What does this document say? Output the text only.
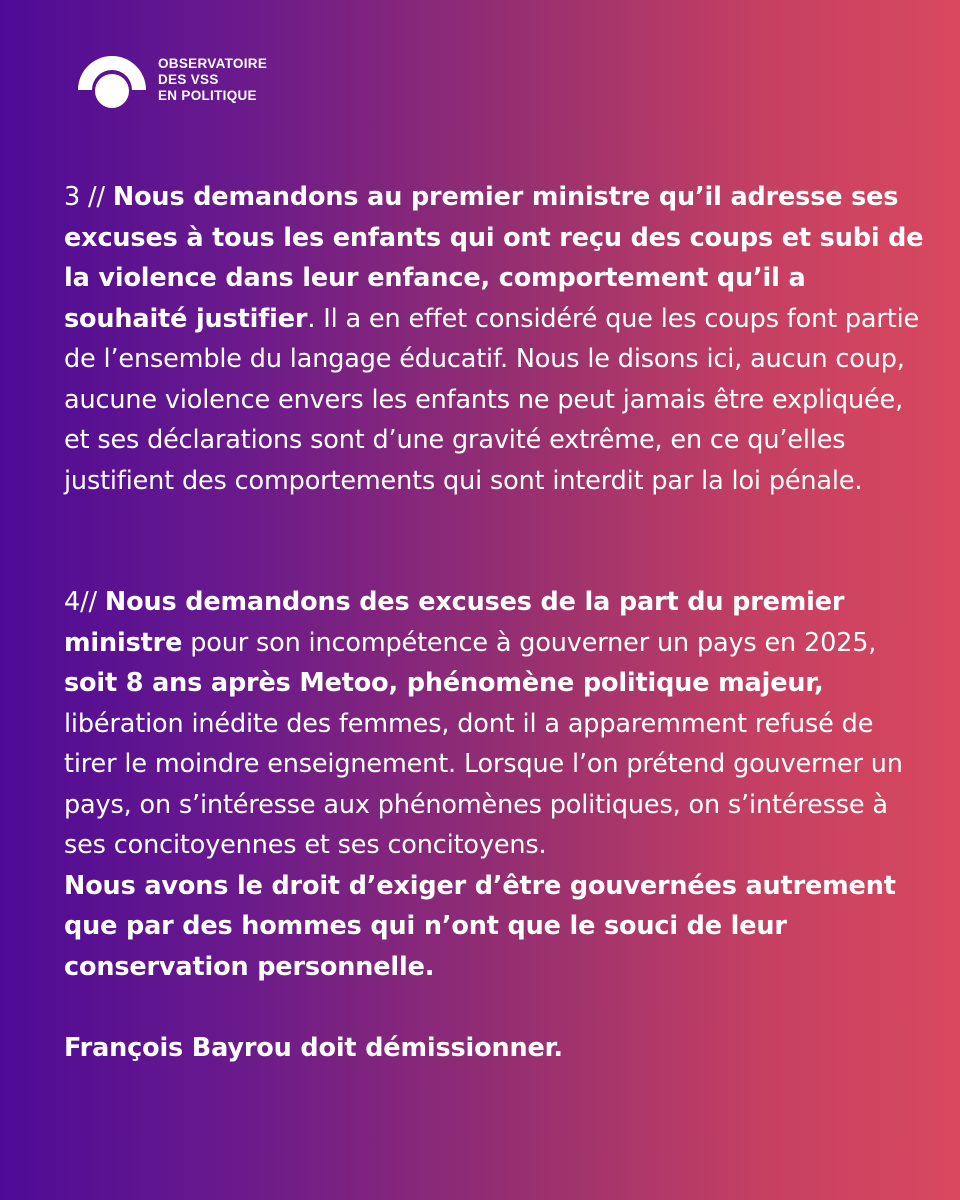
OBSERVATOIRE
DES VSS
EN POLITIQUE

3 // Nous demandons au premier ministre qu’il adresse ses excuses à tous les enfants qui ont reçu des coups et subi de la violence dans leur enfance, comportement qu’il a souhaité justifier. Il a en effet considéré que les coups font partie de l’ensemble du langage éducatif. Nous le disons ici, aucun coup, aucune violence envers les enfants ne peut jamais être expliquée, et ses déclarations sont d’une gravité extrême, en ce qu’elles justifient des comportements qui sont interdit par la loi pénale.

4// Nous demandons des excuses de la part du premier ministre pour son incompétence à gouverner un pays en 2025, soit 8 ans après Metoo, phénomène politique majeur, libération inédite des femmes, dont il a apparemment refusé de tirer le moindre enseignement. Lorsque l’on prétend gouverner un pays, on s’intéresse aux phénomènes politiques, on s’intéresse à ses concitoyennes et ses concitoyens.

Nous avons le droit d’exiger d’être gouvernées autrement que par des hommes qui n’ont que le souci de leur conservation personnelle.

François Bayrou doit démissionner.
